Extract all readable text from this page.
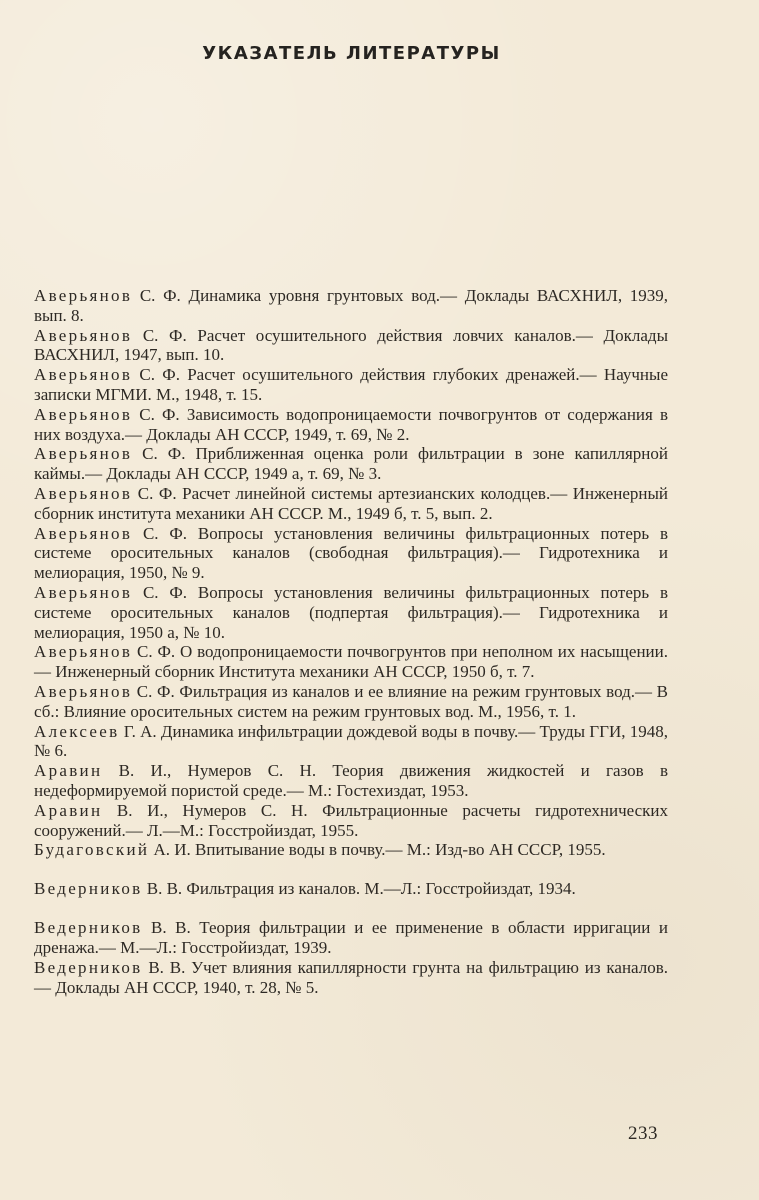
УКАЗАТЕЛЬ ЛИТЕРАТУРЫ
Аверьянов С. Ф. Динамика уровня грунтовых вод.— Доклады ВАСХНИЛ, 1939, вып. 8.
Аверьянов С. Ф. Расчет осушительного действия ловчих каналов.— Доклады ВАСХНИЛ, 1947, вып. 10.
Аверьянов С. Ф. Расчет осушительного действия глубоких дренажей.— Научные записки МГМИ. М., 1948, т. 15.
Аверьянов С. Ф. Зависимость водопроницаемости почвогрунтов от содержания в них воздуха.— Доклады АН СССР, 1949, т. 69, № 2.
Аверьянов С. Ф. Приближенная оценка роли фильтрации в зоне капиллярной каймы.— Доклады АН СССР, 1949 а, т. 69, № 3.
Аверьянов С. Ф. Расчет линейной системы артезианских колодцев.— Инженерный сборник института механики АН СССР. М., 1949 б, т. 5, вып. 2.
Аверьянов С. Ф. Вопросы установления величины фильтрационных потерь в системе оросительных каналов (свободная фильтрация).— Гидротехника и мелиорация, 1950, № 9.
Аверьянов С. Ф. Вопросы установления величины фильтрационных потерь в системе оросительных каналов (подпертая фильтрация).— Гидротехника и мелиорация, 1950 а, № 10.
Аверьянов С. Ф. О водопроницаемости почвогрунтов при неполном их насыщении.— Инженерный сборник Института механики АН СССР, 1950 б, т. 7.
Аверьянов С. Ф. Фильтрация из каналов и ее влияние на режим грунтовых вод.— В сб.: Влияние оросительных систем на режим грунтовых вод. М., 1956, т. 1.
Алексеев Г. А. Динамика инфильтрации дождевой воды в почву.— Труды ГГИ, 1948, № 6.
Аравин В. И., Нумеров С. Н. Теория движения жидкостей и газов в недеформируемой пористой среде.— М.: Гостехиздат, 1953.
Аравин В. И., Нумеров С. Н. Фильтрационные расчеты гидротехнических сооружений.— Л.—М.: Госстройиздат, 1955.
Будаговский А. И. Впитывание воды в почву.— М.: Изд-во АН СССР, 1955.
Ведерников В. В. Фильтрация из каналов. М.—Л.: Госстройиздат, 1934.
Ведерников В. В. Теория фильтрации и ее применение в области ирригации и дренажа.— М.—Л.: Госстройиздат, 1939.
Ведерников В. В. Учет влияния капиллярности грунта на фильтрацию из каналов.— Доклады АН СССР, 1940, т. 28, № 5.
233
